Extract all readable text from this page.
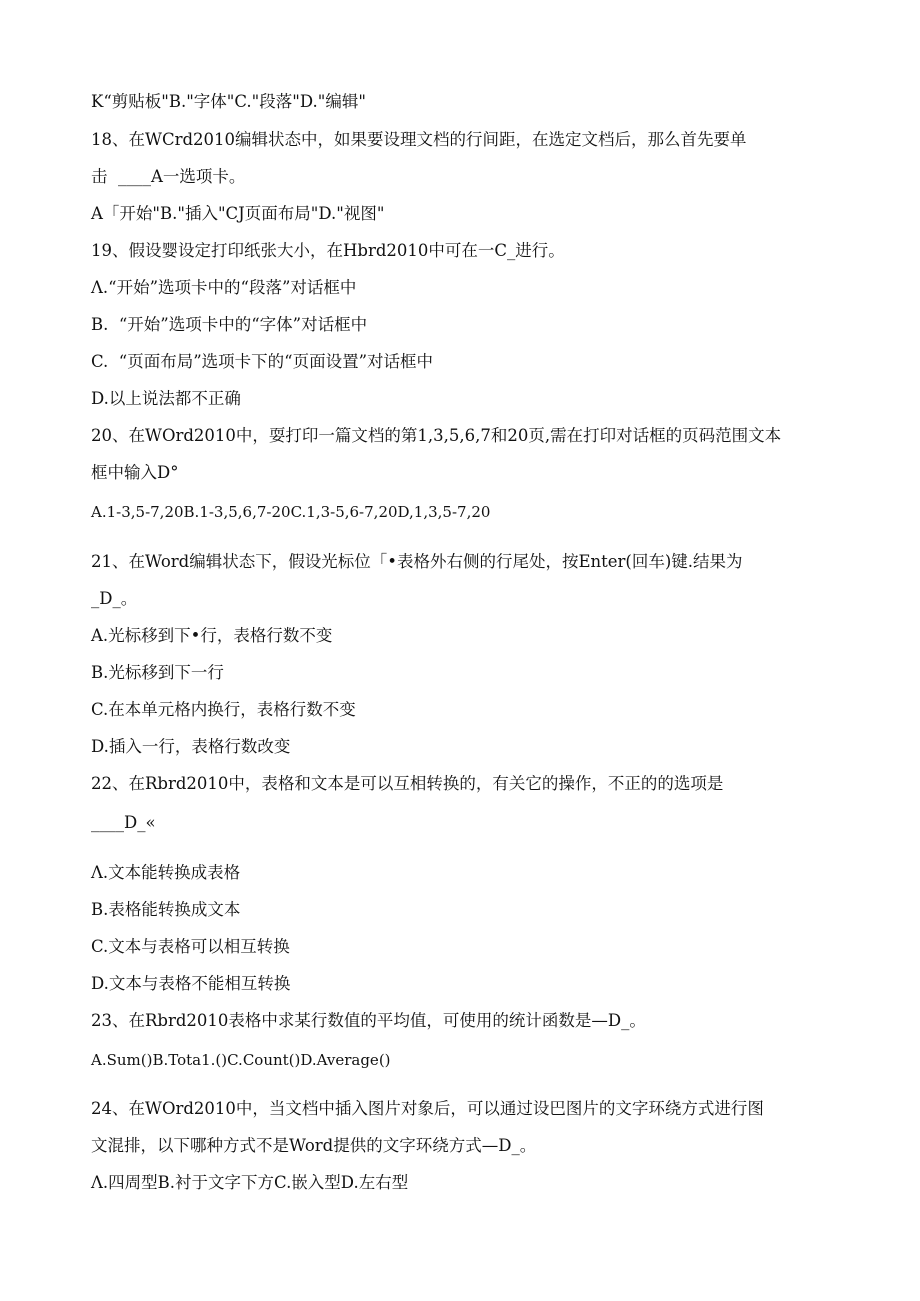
K“剪贴板"B."字体"C."段落"D."编辑"
18、在WCrd2010编辑状态中，如果要设理文档的行间距，在选定文档后，那么首先要单
击  ____A一选项卡。
A「开始"B."插入"CJ页面布局"D."视图"
19、假设婴设定打印纸张大小，在Hbrd2010中可在一C_进行。
Λ.“开始”选项卡中的“段落”对话框中
B.  “开始”选项卡中的“字体”对话框中
C.  “页面布局”选项卡下的“页面设置”对话框中
D.以上说法都不正确
20、在WOrd2010中，耍打印一篇文档的第1,3,5,6,7和20页,需在打印对话框的页码范围文本
框中输入D°
A.1-3,5-7,20B.1-3,5,6,7-20C.1,3-5,6-7,20D,1,3,5-7,20
21、在Word编辑状态下，假设光标位「•表格外右侧的行尾处，按Enter(回车)键.结果为
_D_。
A.光标移到下•行，表格行数不变
B.光标移到下一行
C.在本单元格内换行，表格行数不变
D.插入一行，表格行数改变
22、在Rbrd2010中，表格和文本是可以互相转换的，有关它的操作，不正的的选项是
____D_«
Λ.文本能转换成表格
B.表格能转换成文本
C.文本与表格可以相互转换
D.文本与表格不能相互转换
23、在Rbrd2010表格中求某行数值的平均值，可使用的统计函数是—D_。
A.Sum()B.Tota1.()C.Count()D.Average()
24、在WOrd2010中，当文档中插入图片对象后，可以通过设巴图片的文字环绕方式进行图
文混排，以下哪种方式不是Word提供的文字环绕方式—D_。
Λ.四周型B.衬于文字下方C.嵌入型D.左右型
